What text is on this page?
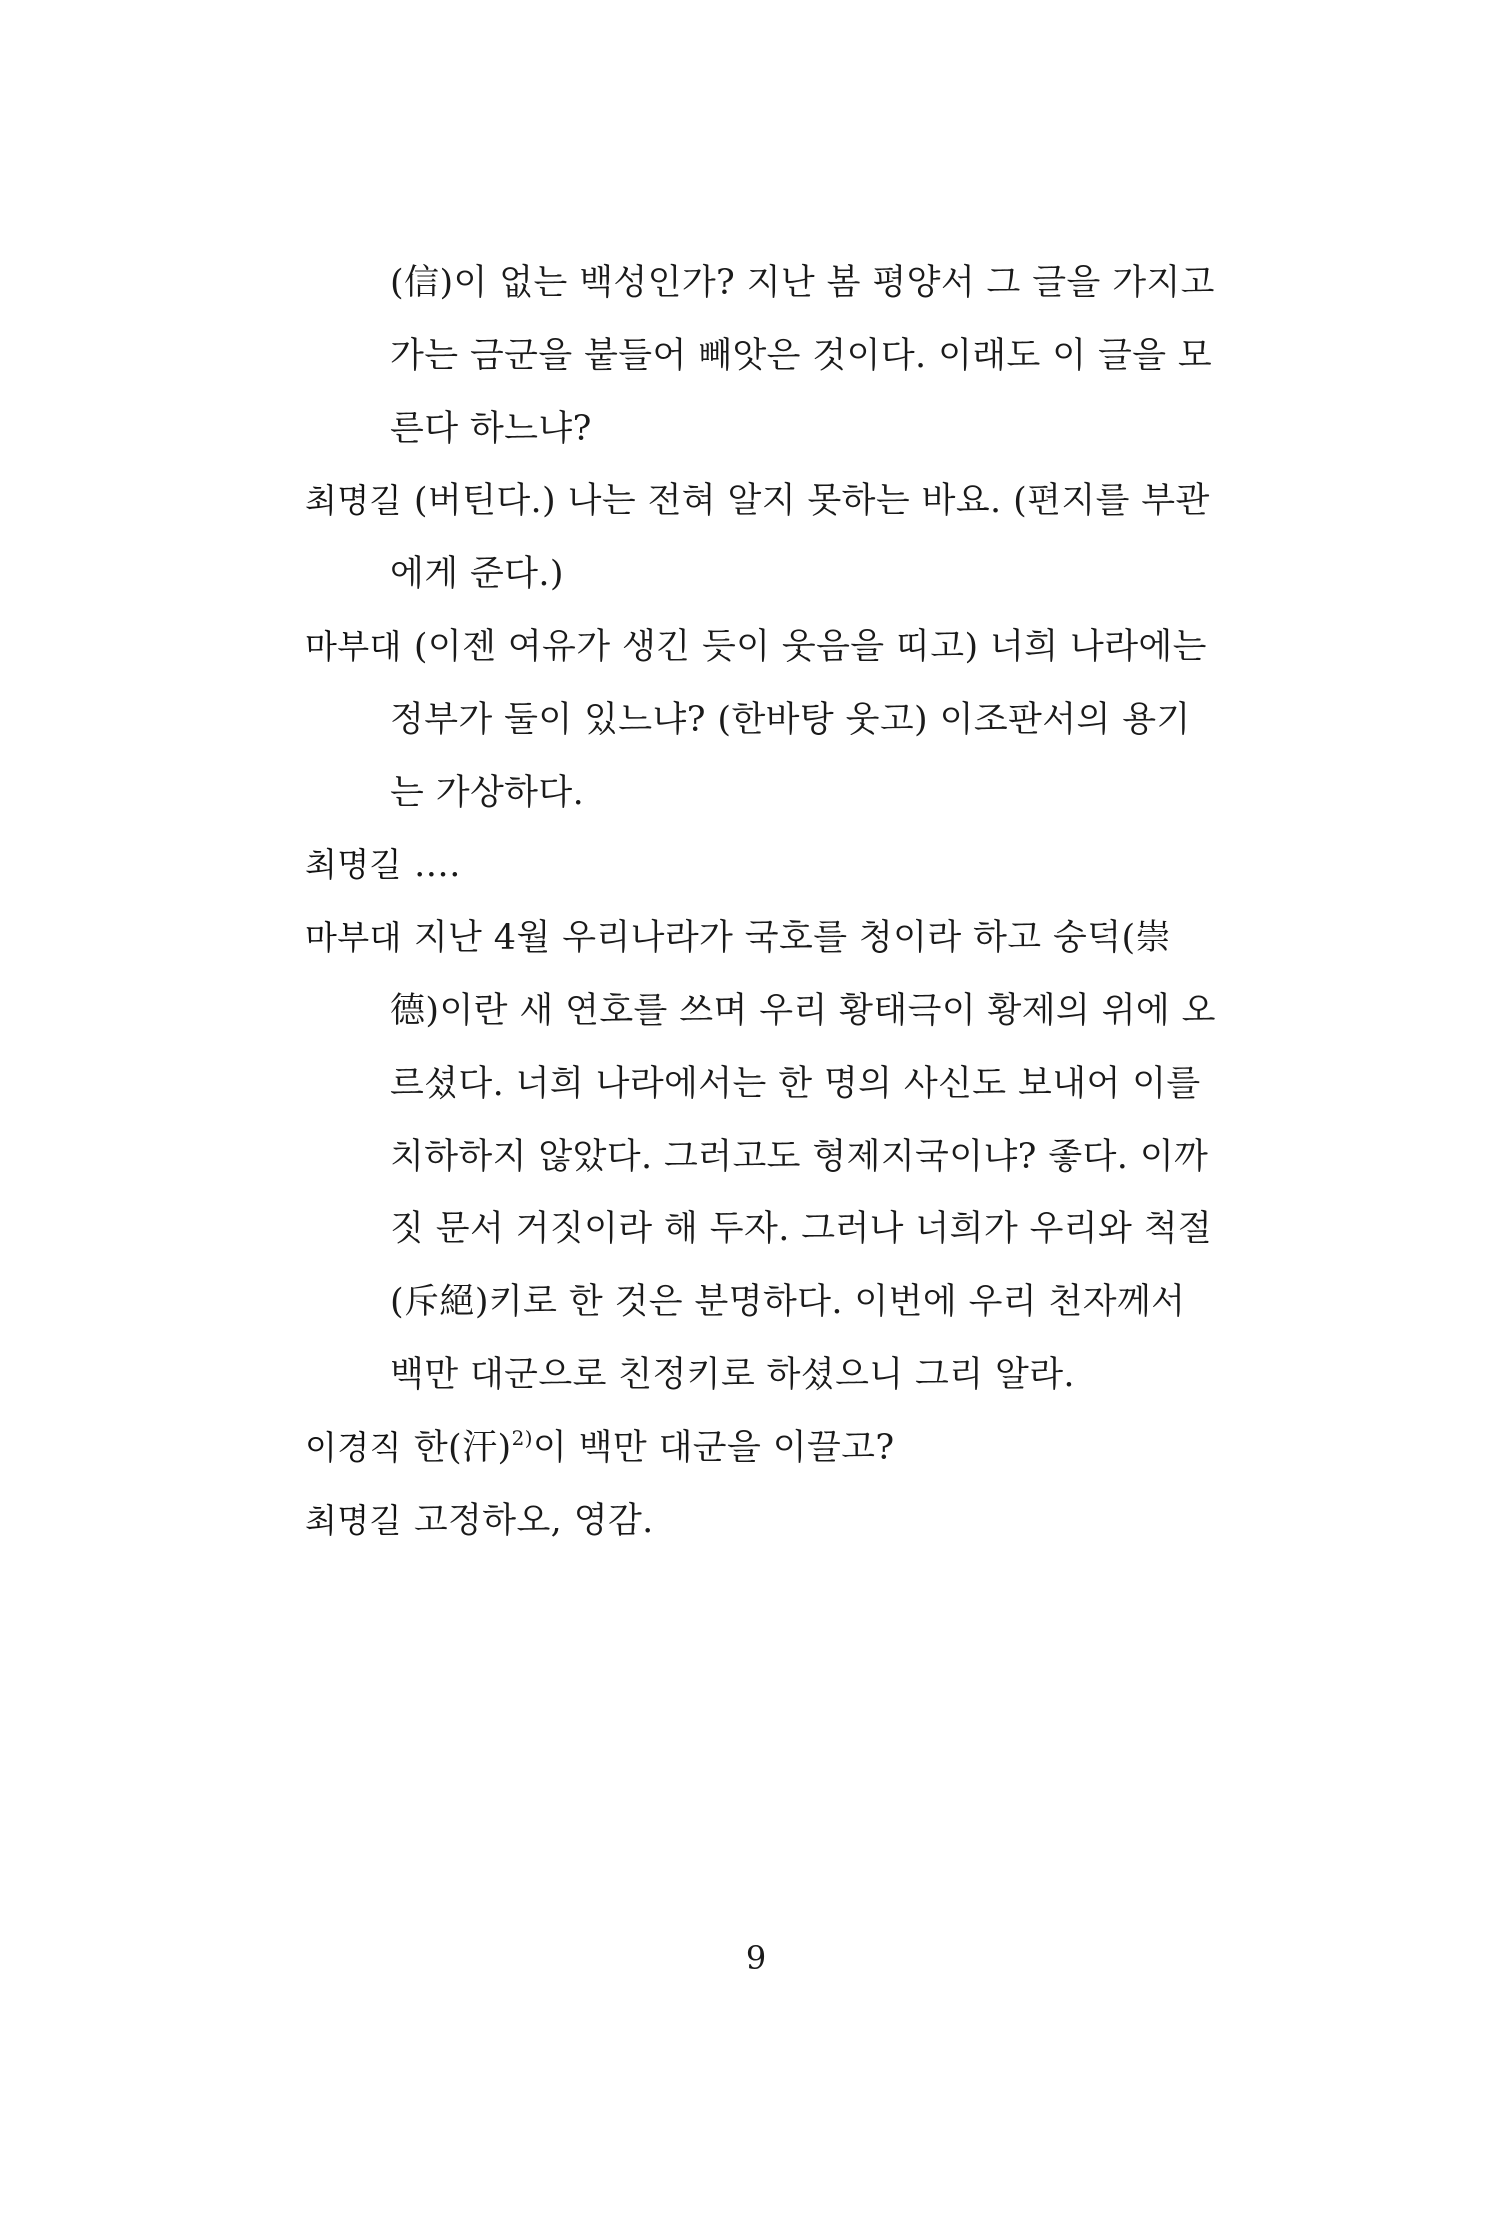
(信)이 없는 백성인가? 지난 봄 평양서 그 글을 가지고
가는 금군을 붙들어 빼앗은 것이다. 이래도 이 글을 모
른다 하느냐?
최명길 (버틴다.) 나는 전혀 알지 못하는 바요. (편지를 부관
에게 준다.)
마부대 (이젠 여유가 생긴 듯이 웃음을 띠고) 너희 나라에는
정부가 둘이 있느냐? (한바탕 웃고) 이조판서의 용기
는 가상하다.
최명길 ….
마부대 지난 4월 우리나라가 국호를 청이라 하고 숭덕(崇
德)이란 새 연호를 쓰며 우리 황태극이 황제의 위에 오
르셨다. 너희 나라에서는 한 명의 사신도 보내어 이를
치하하지 않았다. 그러고도 형제지국이냐? 좋다. 이까
짓 문서 거짓이라 해 두자. 그러나 너희가 우리와 척절
(斥絕)키로 한 것은 분명하다. 이번에 우리 천자께서
백만 대군으로 친정키로 하셨으니 그리 알라.
이경직 한(汗)$^{2)}$이 백만 대군을 이끌고?
최명길 고정하오, 영감.
9
